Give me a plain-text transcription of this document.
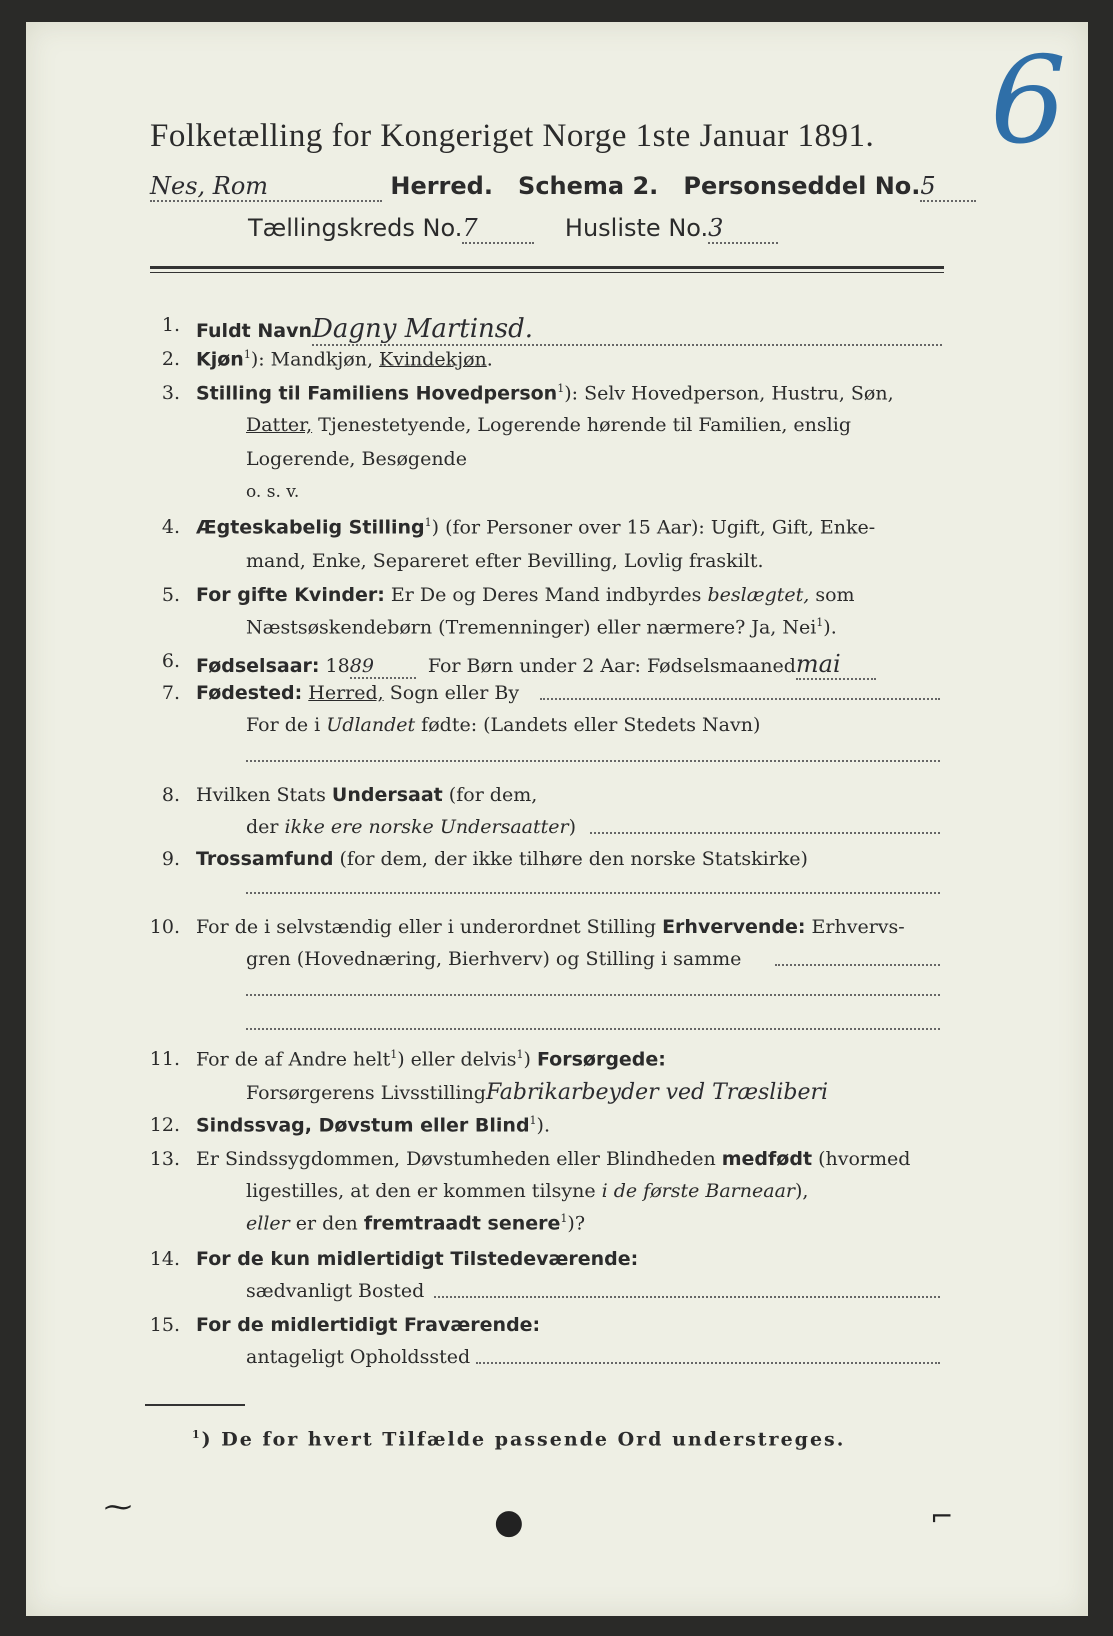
Folketælling for Kongeriget Norge 1ste Januar 1891. 6
Nes, Rom	Herred. Schema 2. Personseddel No.5
Tællingskreds No.7	Husliste No.3
1. Fuldt NavnDagny Martinsd.
2. Kjøn$^1$): Mandkjøn, Kvindekjøn.
3. Stilling til Familiens Hovedperson$^1$): Selv Hovedperson, Hustru, Søn,
Datter, Tjenestetyende, Logerende hørende til Familien, enslig
Logerende, Besøgende
o. s. v.
4. Ægteskabelig Stilling$^1$) (for Personer over 15 Aar): Ugift, Gift, Enke-
mand, Enke, Separeret efter Bevilling, Lovlig fraskilt.
5. For gifte Kvinder: Er De og Deres Mand indbyrdes beslægtet, som
Næstsøskendebørn (Tremenninger) eller nærmere? Ja, Nei$^1$).
6. Fødselsaar: 1889	For Børn under 2 Aar: Fødselsmaanedmai
7. Fødested: Herred, Sogn eller By
For de i Udlandet fødte: (Landets eller Stedets Navn)
8. Hvilken Stats Undersaat (for dem,
der ikke ere norske Undersaatter)
9. Trossamfund (for dem, der ikke tilhøre den norske Statskirke)
10. For de i selvstændig eller i underordnet Stilling Erhvervende: Erhvervs-
gren (Hovednæring, Bierhverv) og Stilling i samme
11. For de af Andre helt$^1$) eller delvis$^1$) Forsørgede:
Forsørgerens LivsstillingFabrikarbeyder ved Træsliberi
12. Sindssvag, Døvstum eller Blind$^1$).
13. Er Sindssygdommen, Døvstumheden eller Blindheden medfødt (hvormed
ligestilles, at den er kommen tilsyne i de første Barneaar),
eller er den fremtraadt senere$^1$)?
14. For de kun midlertidigt Tilstedeværende:
sædvanligt Bosted
15. For de midlertidigt Fraværende:
antageligt Opholdssted
$^1$) De for hvert Tilfælde passende Ord understreges.
⁓	●	⌐
